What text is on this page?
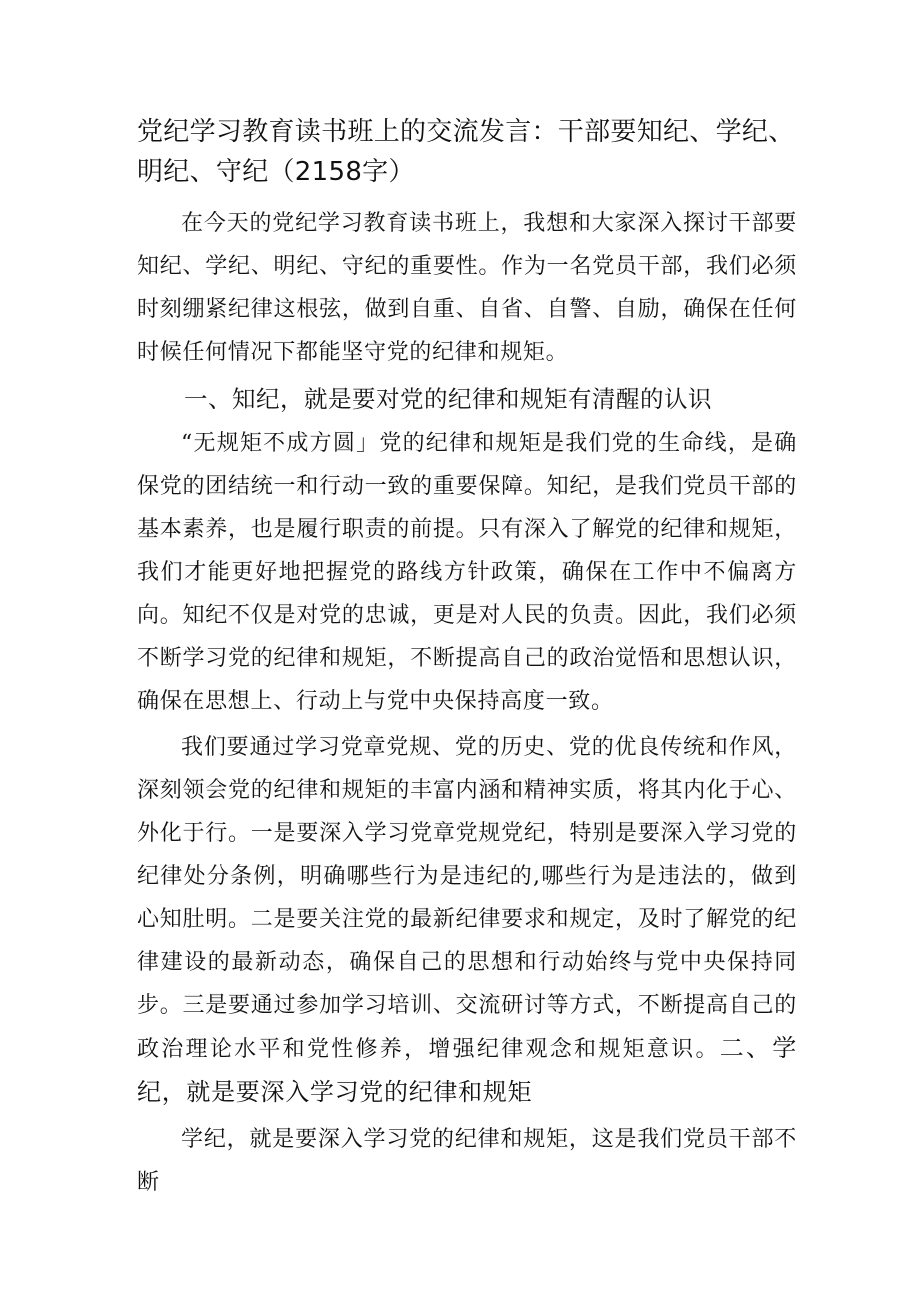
党纪学习教育读书班上的交流发言：干部要知纪、学纪、明纪、守纪（2158字）

在今天的党纪学习教育读书班上，我想和大家深入探讨干部要知纪、学纪、明纪、守纪的重要性。作为一名党员干部，我们必须时刻绷紧纪律这根弦，做到自重、自省、自警、自励，确保在任何时候任何情况下都能坚守党的纪律和规矩。

一、知纪，就是要对党的纪律和规矩有清醒的认识

“无规矩不成方圆」党的纪律和规矩是我们党的生命线，是确保党的团结统一和行动一致的重要保障。知纪，是我们党员干部的基本素养，也是履行职责的前提。只有深入了解党的纪律和规矩，我们才能更好地把握党的路线方针政策，确保在工作中不偏离方向。知纪不仅是对党的忠诚，更是对人民的负责。因此，我们必须不断学习党的纪律和规矩，不断提高自己的政治觉悟和思想认识，确保在思想上、行动上与党中央保持高度一致。

我们要通过学习党章党规、党的历史、党的优良传统和作风，深刻领会党的纪律和规矩的丰富内涵和精神实质，将其内化于心、外化于行。一是要深入学习党章党规党纪，特别是要深入学习党的纪律处分条例，明确哪些行为是违纪的,哪些行为是违法的，做到心知肚明。二是要关注党的最新纪律要求和规定，及时了解党的纪律建设的最新动态，确保自己的思想和行动始终与党中央保持同步。三是要通过参加学习培训、交流研讨等方式，不断提高自己的政治理论水平和党性修养，增强纪律观念和规矩意识。二、学纪，就是要深入学习党的纪律和规矩

学纪，就是要深入学习党的纪律和规矩，这是我们党员干部不断
